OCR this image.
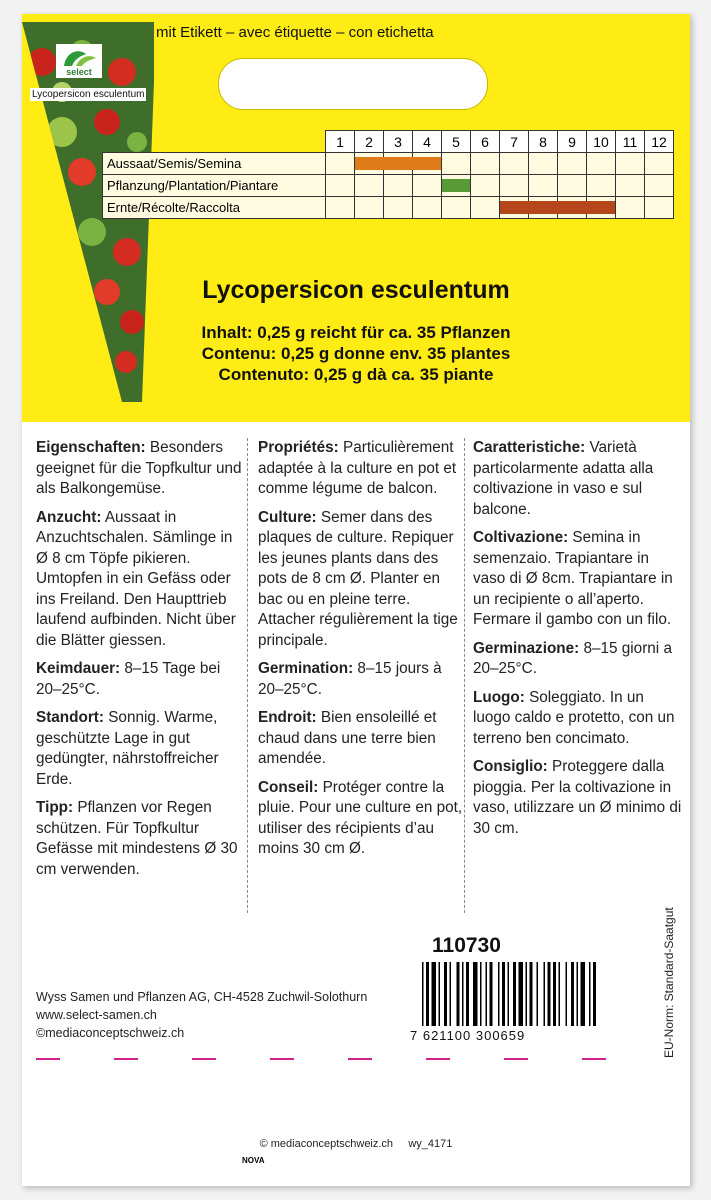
mit Etikett – avec étiquette – con etichetta
select
Lycopersicon esculentum
	1	2	3	4	5	6	7	8	9	10	11	12
Aussaat/Semis/Semina		

Pflanzung/Plantation/Piantare					

Ernte/Récolte/Raccolta							

Lycopersicon esculentum
Inhalt: 0,25 g reicht für ca. 35 Pflanzen
Contenu: 0,25 g donne env. 35 plantes
Contenuto: 0,25 g dà ca. 35 piante

Eigenschaften: Besonders geeignet für die Topfkultur und als Balkongemüse.

Anzucht: Aussaat in Anzuchtschalen. Sämlinge in Ø 8 cm Töpfe pikieren. Umtopfen in ein Gefäss oder ins Freiland. Den Haupttrieb laufend aufbinden. Nicht über die Blätter giessen.

Keimdauer: 8–15 Tage bei 20–25°C.

Standort: Sonnig. Warme, geschützte Lage in gut gedüngter, nährstoffreicher Erde.

Tipp: Pflanzen vor Regen schützen. Für Topfkultur Gefässe mit mindestens Ø 30 cm verwenden.

Propriétés: Particulièrement adaptée à la culture en pot et comme légume de balcon.

Culture: Semer dans des plaques de culture. Repiquer les jeunes plants dans des pots de 8 cm Ø. Planter en bac ou en pleine terre. Attacher régulièrement la tige principale.

Germination: 8–15 jours à 20–25°C.

Endroit: Bien ensoleillé et chaud dans une terre bien amendée.

Conseil: Protéger contre la pluie. Pour une culture en pot, utiliser des récipients d’au moins 30 cm Ø.

Caratteristiche: Varietà particolarmente adatta alla coltivazione in vaso e sul balcone.

Coltivazione: Semina in semenzaio. Trapiantare in vaso di Ø 8cm. Trapiantare in un recipiente o all’aperto. Fermare il gambo con un filo.

Germinazione: 8–15 giorni a 20–25°C.

Luogo: Soleggiato. In un luogo caldo e protetto, con un terreno ben concimato.

Consiglio: Proteggere dalla pioggia. Per la coltivazione in vaso, utilizzare un Ø minimo di 30 cm.

110730
7 621100 300659
Wyss Samen und Pflanzen AG, CH-4528 Zuchwil-Solothurn
www.select-samen.ch
©mediaconceptschweiz.ch	EU-Norm: Standard-Saatgut
© mediaconceptschweiz.ch wy_4171
NOVA
